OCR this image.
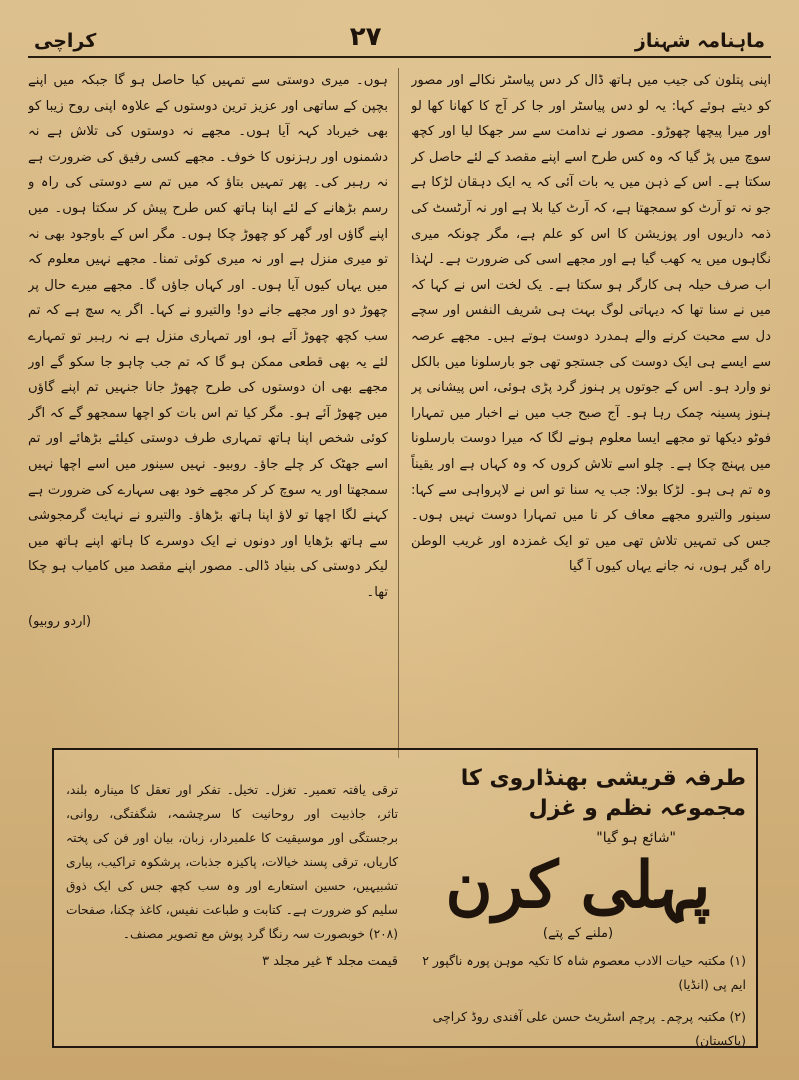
کراچی	۲۷	ماہنامہ شہناز

اپنی پتلون کی جیب میں ہاتھ ڈال کر دس پیاسٹر نکالے اور مصور کو دیتے ہوئے کہا: یہ لو دس پیاسٹر اور جا کر آج کا کھانا کھا لو اور میرا پیچھا چھوڑو۔ مصور نے ندامت سے سر جھکا لیا اور کچھ سوچ میں پڑ گیا کہ وہ کس طرح اسے اپنے مقصد کے لئے حاصل کر سکتا ہے۔ اس کے ذہن میں یہ بات آئی کہ یہ ایک دہقان لڑکا ہے جو نہ تو آرٹ کو سمجھتا ہے، کہ آرٹ کیا بلا ہے اور نہ آرٹسٹ کی ذمہ داریوں اور پوزیشن کا اس کو علم ہے، مگر چونکہ میری نگاہوں میں یہ کھب گیا ہے اور مجھے اسی کی ضرورت ہے۔ لہٰذا اب صرف حیلہ ہی کارگر ہو سکتا ہے۔ یک لخت اس نے کہا کہ میں نے سنا تھا کہ دیہاتی لوگ بہت ہی شریف النفس اور سچے دل سے محبت کرنے والے ہمدرد دوست ہوتے ہیں۔ مجھے عرصہ سے ایسے ہی ایک دوست کی جستجو تھی جو بارسلونا میں بالکل نو وارد ہو۔ اس کے جوتوں پر ہنوز گرد پڑی ہوئی، اس پیشانی پر ہنوز پسینہ چمک رہا ہو۔ آج صبح جب میں نے اخبار میں تمہارا فوٹو دیکھا تو مجھے ایسا معلوم ہونے لگا کہ میرا دوست بارسلونا میں پہنچ چکا ہے۔ چلو اسے تلاش کروں کہ وہ کہاں ہے اور یقیناً وہ تم ہی ہو۔ لڑکا بولا: جب یہ سنا تو اس نے لاپرواہی سے کہا: سینور والتیرو مجھے معاف کر نا میں تمہارا دوست نہیں ہوں۔ جس کی تمہیں تلاش تھی میں تو ایک غمزدہ اور غریب الوطن راہ گیر ہوں، نہ جانے یہاں کیوں آ گیا

ہوں۔ میری دوستی سے تمہیں کیا حاصل ہو گا جبکہ میں اپنے بچپن کے ساتھی اور عزیز ترین دوستوں کے علاوہ اپنی روح زیبا کو بھی خیرباد کہہ آیا ہوں۔ مجھے نہ دوستوں کی تلاش ہے نہ دشمنوں اور رہزنوں کا خوف۔ مجھے کسی رفیق کی ضرورت ہے نہ رہبر کی۔ پھر تمہیں بتاؤ کہ میں تم سے دوستی کی راہ و رسم بڑھانے کے لئے اپنا ہاتھ کس طرح پیش کر سکتا ہوں۔ میں اپنے گاؤں اور گھر کو چھوڑ چکا ہوں۔ مگر اس کے باوجود بھی نہ تو میری منزل ہے اور نہ میری کوئی تمنا۔ مجھے نہیں معلوم کہ میں یہاں کیوں آیا ہوں۔ اور کہاں جاؤں گا۔ مجھے میرے حال پر چھوڑ دو اور مجھے جانے دو! والتیرو نے کہا۔ اگر یہ سچ ہے کہ تم سب کچھ چھوڑ آئے ہو، اور تمہاری منزل ہے نہ رہبر تو تمہارے لئے یہ بھی قطعی ممکن ہو گا کہ تم جب چاہو جا سکو گے اور مجھے بھی ان دوستوں کی طرح چھوڑ جانا جنہیں تم اپنے گاؤں میں چھوڑ آئے ہو۔ مگر کیا تم اس بات کو اچھا سمجھو گے کہ اگر کوئی شخص اپنا ہاتھ تمہاری طرف دوستی کیلئے بڑھائے اور تم اسے جھٹک کر چلے جاؤ۔ روبیو۔ نہیں سینور میں اسے اچھا نہیں سمجھتا اور یہ سوچ کر کر مجھے خود بھی سہارے کی ضرورت ہے کہنے لگا اچھا تو لاؤ اپنا ہاتھ بڑھاؤ۔ والتیرو نے نہایت گرمجوشی سے ہاتھ بڑھایا اور دونوں نے ایک دوسرے کا ہاتھ اپنے ہاتھ میں لیکر دوستی کی بنیاد ڈالی۔ مصور اپنے مقصد میں کامیاب ہو چکا تھا۔

(اردو روبیو)
طرفہ قریشی بھنڈاروی کا مجموعہ نظم و غزل
"شائع ہو گیا"
پہلی کرن
(ملنے کے پتے)
(۱) مکتبہ حیات الادب معصوم شاہ کا تکیہ موہن پورہ ناگپور ۲ ایم پی (انڈیا)
(۲) مکتبہ پرچم۔ پرچم اسٹریٹ حسن علی آفندی روڈ کراچی (پاکستان)
ترقی یافتہ تعمیر۔ تغزل۔ تخیل۔ تفکر اور تعقل کا مینارہ بلند، تاثر، جاذبیت اور روحانیت کا سرچشمہ، شگفتگی، روانی، برجستگی اور موسیقیت کا علمبردار، زبان، بیان اور فن کی پختہ کاریاں، ترقی پسند خیالات، پاکیزہ جذبات، پرشکوہ تراکیب، پیاری تشبیہیں، حسین استعارے اور وہ سب کچھ جس کی ایک ذوق سلیم کو ضرورت ہے۔ کتابت و طباعت نفیس، کاغذ چکنا، صفحات (۲۰۸) خوبصورت سہ رنگا گرد پوش مع تصویر مصنف۔
قیمت مجلد ۴ غیر مجلد ۳
